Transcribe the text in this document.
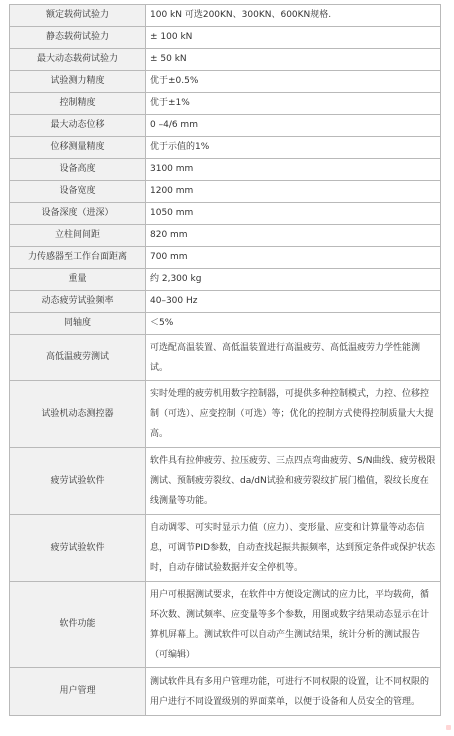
额定载荷试验力	100 kN 可选200KN、300KN、600KN规格.
静态载荷试验力	± 100 kN
最大动态载荷试验力	± 50 kN
试验测力精度	优于±0.5%
控制精度	优于±1%
最大动态位移	0 –4/6 mm
位移测量精度	优于示值的1%
设备高度	3100 mm
设备宽度	1200 mm
设备深度（进深）	1050 mm
立柱间间距	820 mm
力传感器至工作台面距离	700 mm
重量	约 2,300 kg
动态疲劳试验频率	40–300 Hz
同轴度	＜5%
高低温疲劳测试	可选配高温装置、高低温装置进行高温疲劳、高低温疲劳力学性能测试。
试验机动态测控器	实时处理的疲劳机用数字控制器，可提供多种控制模式，力控、位移控制（可选）、应变控制（可选）等；优化的控制方式使得控制质量大大提高。
疲劳试验软件	软件具有拉伸疲劳、拉压疲劳、三点四点弯曲疲劳、S/N曲线、疲劳极限测试、预制疲劳裂纹、da/dN试验和疲劳裂纹扩展门槛值，裂纹长度在线测量等功能。
疲劳试验软件	自动调零、可实时显示力值（应力）、变形量、应变和计算量等动态信息，可调节PID参数，自动查找起振共振频率，达到预定条件或保护状态时，自动存储试验数据并安全停机等。
软件功能	用户可根据测试要求，在软件中方便设定测试的应力比，平均载荷，循环次数、测试频率、应变量等多个参数，用图或数字结果动态显示在计算机屏幕上。测试软件可以自动产生测试结果，统计分析的测试报告（可编辑）
用户管理	测试软件具有多用户管理功能，可进行不同权限的设置，让不同权限的用户进行不同设置级别的界面菜单，以便于设备和人员安全的管理。
